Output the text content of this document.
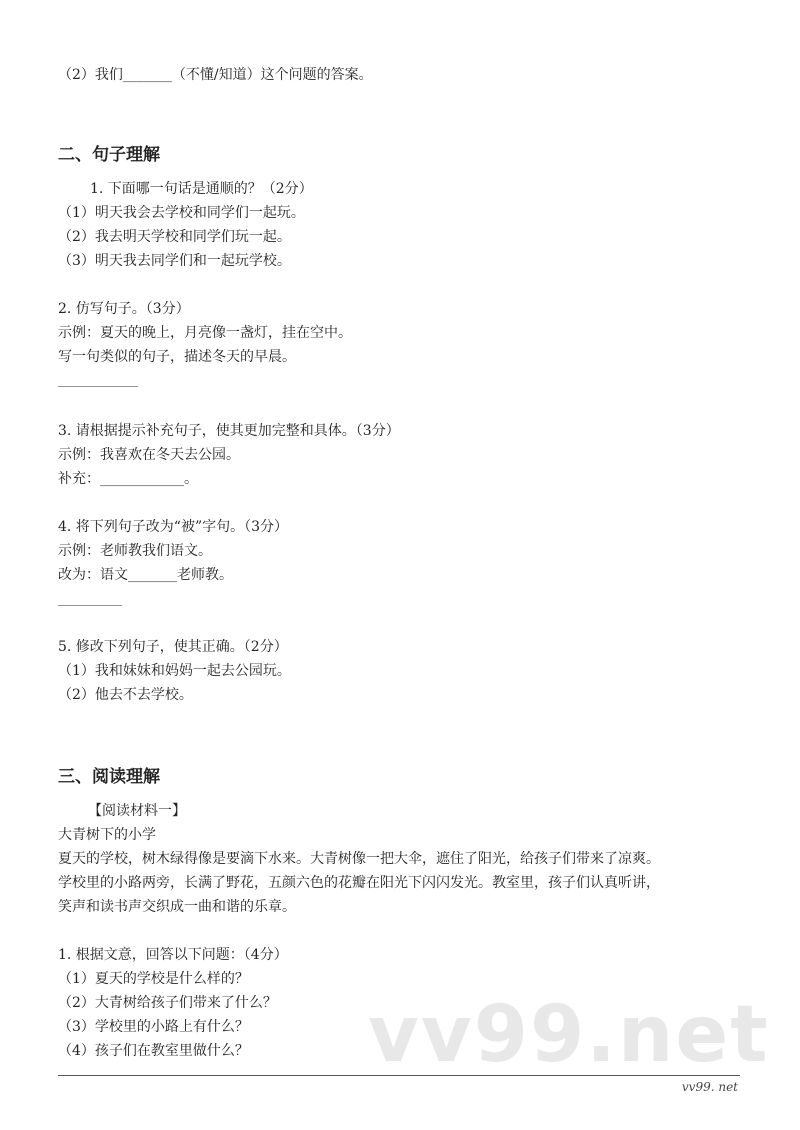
vv99.net
（2）我们_______（不懂/知道）这个问题的答案。
二、句子理解
1. 下面哪一句话是通顺的？（2分）
（1）明天我会去学校和同学们一起玩。
（2）我去明天学校和同学们玩一起。
（3）明天我去同学们和一起玩学校。
2. 仿写句子。（3分）
示例：夏天的晚上，月亮像一盏灯，挂在空中。
写一句类似的句子，描述冬天的早晨。
3. 请根据提示补充句子，使其更加完整和具体。（3分）
示例：我喜欢在冬天去公园。
补充：____________。
4. 将下列句子改为“被”字句。（3分）
示例：老师教我们语文。
改为：语文_______老师教。
5. 修改下列句子，使其正确。（2分）
（1）我和妹妹和妈妈一起去公园玩。
（2）他去不去学校。
三、阅读理解
【阅读材料一】
大青树下的小学
夏天的学校，树木绿得像是要滴下水来。大青树像一把大伞，遮住了阳光，给孩子们带来了凉爽。
学校里的小路两旁，长满了野花，五颜六色的花瓣在阳光下闪闪发光。教室里，孩子们认真听讲，
笑声和读书声交织成一曲和谐的乐章。
1. 根据文意，回答以下问题：（4分）
（1）夏天的学校是什么样的？
（2）大青树给孩子们带来了什么？
（3）学校里的小路上有什么？
（4）孩子们在教室里做什么？
vv99. net
